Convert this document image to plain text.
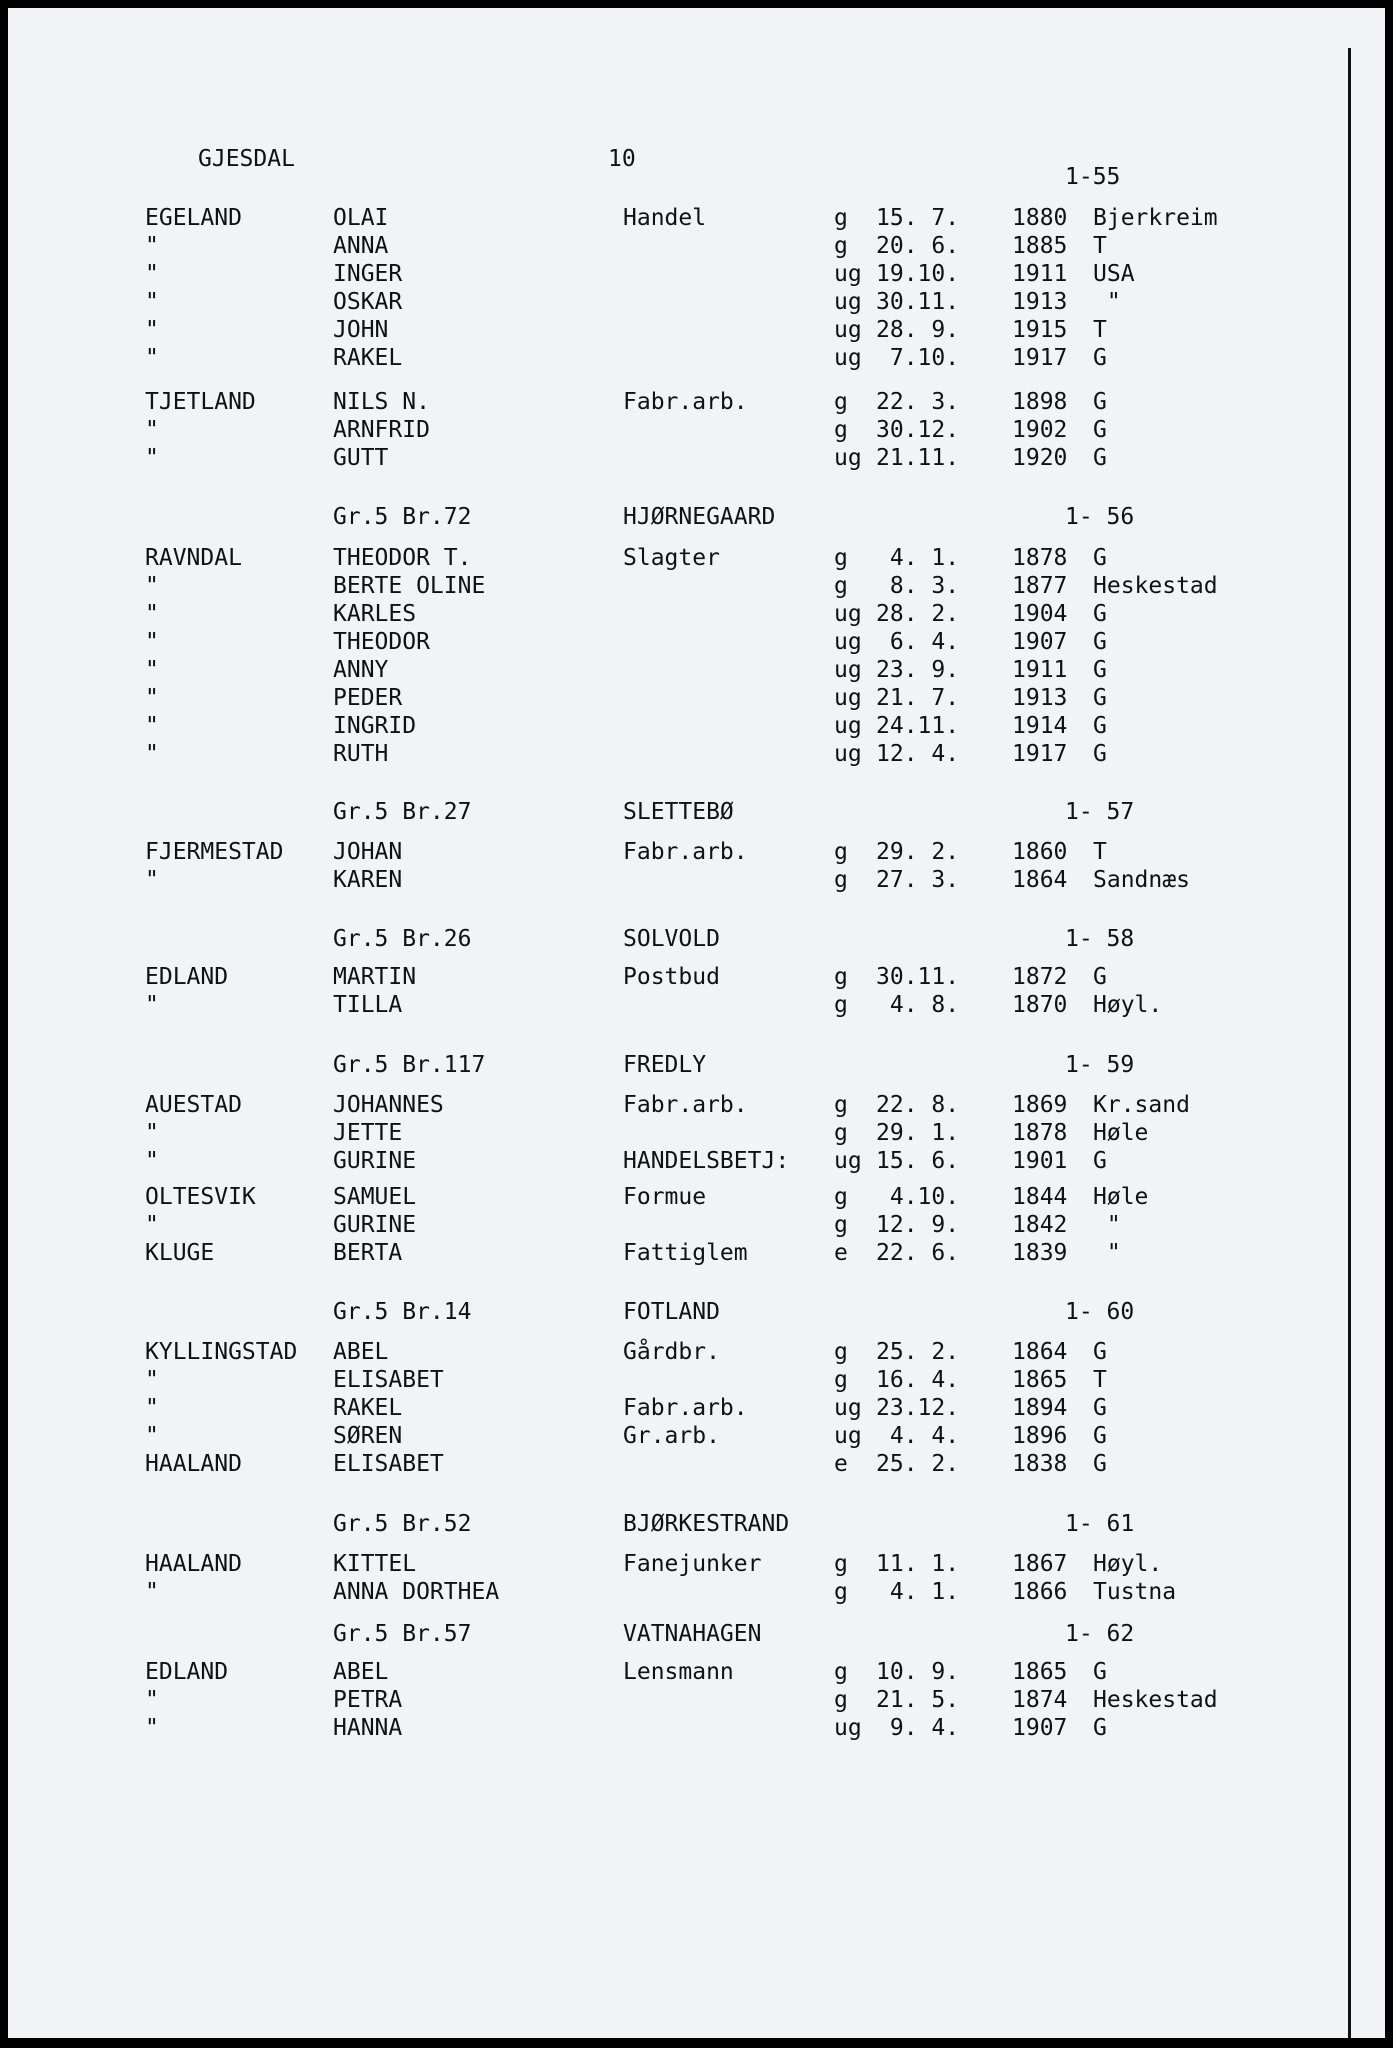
GJESDAL	10
1-55
EGELAND	OLAI	Handel	g 15. 7. 1880 Bjerkreim
"	ANNA	g 20. 6. 1885 T
"	INGER	ug 19.10. 1911 USA
"	OSKAR	ug 30.11. 1913 "
"	JOHN	ug 28. 9. 1915 T
"	RAKEL	ug 7.10. 1917 G
TJETLAND	NILS N.	Fabr.arb.	g 22. 3. 1898 G
"	ARNFRID	g 30.12. 1902 G
"	GUTT	ug 21.11. 1920 G
Gr.5 Br.72	HJØRNEGAARD	1- 56
RAVNDAL	THEODOR T.	Slagter	g 4. 1. 1878 G
"	BERTE OLINE	g 8. 3. 1877 Heskestad
"	KARLES	ug 28. 2. 1904 G
"	THEODOR	ug 6. 4. 1907 G
"	ANNY	ug 23. 9. 1911 G
"	PEDER	ug 21. 7. 1913 G
"	INGRID	ug 24.11. 1914 G
"	RUTH	ug 12. 4. 1917 G
Gr.5 Br.27	SLETTEBØ	1- 57
FJERMESTAD JOHAN	Fabr.arb.	g 29. 2. 1860 T
"	KAREN	g 27. 3. 1864 Sandnæs
Gr.5 Br.26	SOLVOLD	1- 58
EDLAND	MARTIN	Postbud	g 30.11. 1872 G
"	TILLA	g 4. 8. 1870 Høyl.
Gr.5 Br.117	FREDLY	1- 59
AUESTAD	JOHANNES	Fabr.arb.	g 22. 8. 1869 Kr.sand
"	JETTE	g 29. 1. 1878 Høle
"	GURINE	HANDELSBETJ: ug 15. 6. 1901 G
OLTESVIK	SAMUEL	Formue	g 4.10. 1844 Høle
"	GURINE	g 12. 9. 1842 "
KLUGE	BERTA	Fattiglem	e 22. 6. 1839 "
Gr.5 Br.14	FOTLAND	1- 60
KYLLINGSTAD ABEL	Gårdbr.	g 25. 2. 1864 G
"	ELISABET	g 16. 4. 1865 T
"	RAKEL	Fabr.arb.	ug 23.12. 1894 G
"	SØREN	Gr.arb.	ug 4. 4. 1896 G
HAALAND	ELISABET	e 25. 2. 1838 G
Gr.5 Br.52	BJØRKESTRAND	1- 61
HAALAND	KITTEL	Fanejunker	g 11. 1. 1867 Høyl.
"	ANNA DORTHEA	g 4. 1. 1866 Tustna
Gr.5 Br.57	VATNAHAGEN	1- 62
EDLAND	ABEL	Lensmann	g 10. 9. 1865 G
"	PETRA	g 21. 5. 1874 Heskestad
"	HANNA	ug 9. 4. 1907 G
